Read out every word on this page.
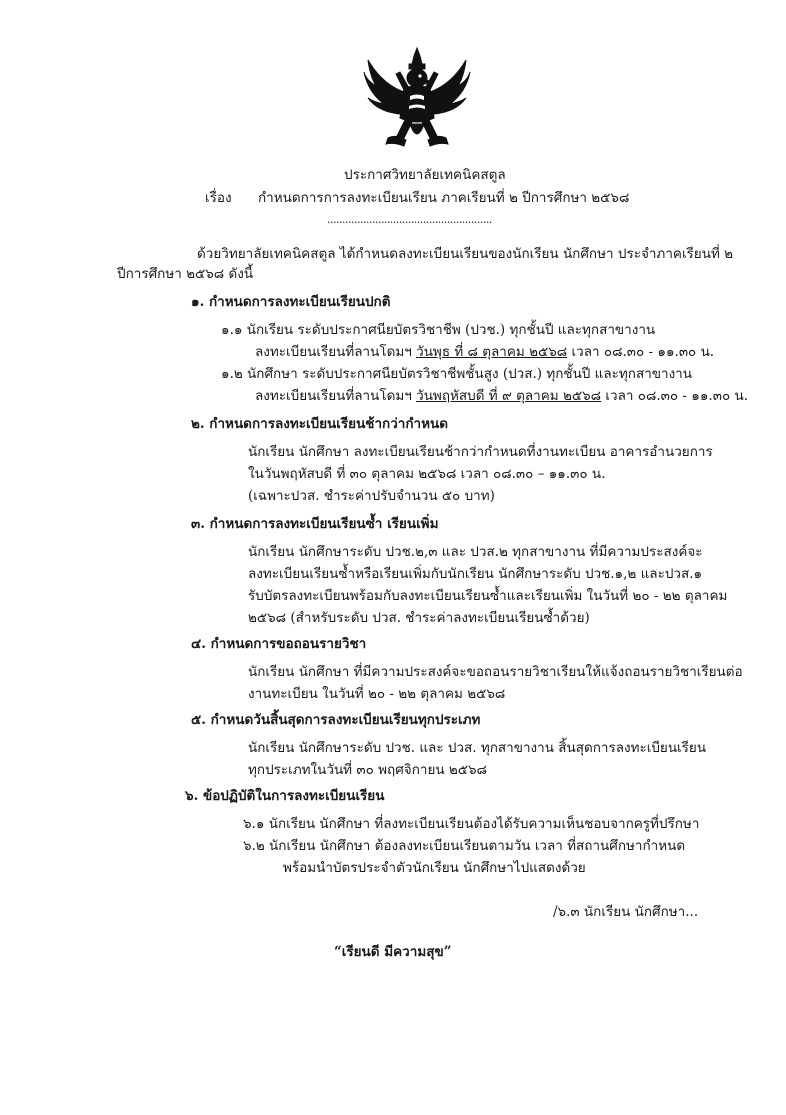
ประกาศวิทยาลัยเทคนิคสตูล
เรื่อง กำหนดการการลงทะเบียนเรียน ภาคเรียนที่ ๒ ปีการศึกษา ๒๕๖๘
.......................................................
ด้วยวิทยาลัยเทคนิคสตูล ได้กำหนดลงทะเบียนเรียนของนักเรียน นักศึกษา ประจำภาคเรียนที่ ๒
ปีการศึกษา ๒๕๖๘ ดังนี้
๑. กำหนดการลงทะเบียนเรียนปกติ
๑.๑ นักเรียน ระดับประกาศนียบัตรวิชาชีพ (ปวช.) ทุกชั้นปี และทุกสาขางาน
ลงทะเบียนเรียนที่ลานโดมฯ วันพุธ ที่ ๘ ตุลาคม ๒๕๖๘ เวลา ๐๘.๓๐ - ๑๑.๓๐ น.
๑.๒ นักศึกษา ระดับประกาศนียบัตรวิชาชีพชั้นสูง (ปวส.) ทุกชั้นปี และทุกสาขางาน
ลงทะเบียนเรียนที่ลานโดมฯ วันพฤหัสบดี ที่ ๙ ตุลาคม ๒๕๖๘ เวลา ๐๘.๓๐ - ๑๑.๓๐ น.
๒. กำหนดการลงทะเบียนเรียนช้ากว่ากำหนด
นักเรียน นักศึกษา ลงทะเบียนเรียนช้ากว่ากำหนดที่งานทะเบียน อาคารอำนวยการ
ในวันพฤหัสบดี ที่ ๓๐ ตุลาคม ๒๕๖๘ เวลา ๐๘.๓๐ – ๑๑.๓๐ น.
(เฉพาะปวส. ชำระค่าปรับจำนวน ๕๐ บาท)
๓. กำหนดการลงทะเบียนเรียนซ้ำ เรียนเพิ่ม
นักเรียน นักศึกษาระดับ ปวช.๒,๓ และ ปวส.๒ ทุกสาขางาน ที่มีความประสงค์จะ
ลงทะเบียนเรียนซ้ำหรือเรียนเพิ่มกับนักเรียน นักศึกษาระดับ ปวช.๑,๒ และปวส.๑
รับบัตรลงทะเบียนพร้อมกับลงทะเบียนเรียนซ้ำและเรียนเพิ่ม ในวันที่ ๒๐ - ๒๒ ตุลาคม
๒๕๖๘ (สำหรับระดับ ปวส. ชำระค่าลงทะเบียนเรียนซ้ำด้วย)
๔. กำหนดการขอถอนรายวิชา
นักเรียน นักศึกษา ที่มีความประสงค์จะขอถอนรายวิชาเรียนให้แจ้งถอนรายวิชาเรียนต่อ
งานทะเบียน ในวันที่ ๒๐ - ๒๒ ตุลาคม ๒๕๖๘
๕. กำหนดวันสิ้นสุดการลงทะเบียนเรียนทุกประเภท
นักเรียน นักศึกษาระดับ ปวช. และ ปวส. ทุกสาขางาน สิ้นสุดการลงทะเบียนเรียน
ทุกประเภทในวันที่ ๓๐ พฤศจิกายน ๒๕๖๘
๖. ข้อปฏิบัติในการลงทะเบียนเรียน
๖.๑ นักเรียน นักศึกษา ที่ลงทะเบียนเรียนต้องได้รับความเห็นชอบจากครูที่ปรึกษา
๖.๒ นักเรียน นักศึกษา ต้องลงทะเบียนเรียนตามวัน เวลา ที่สถานศึกษากำหนด
พร้อมนำบัตรประจำตัวนักเรียน นักศึกษาไปแสดงด้วย
/๖.๓ นักเรียน นักศึกษา...
“เรียนดี มีความสุข”
